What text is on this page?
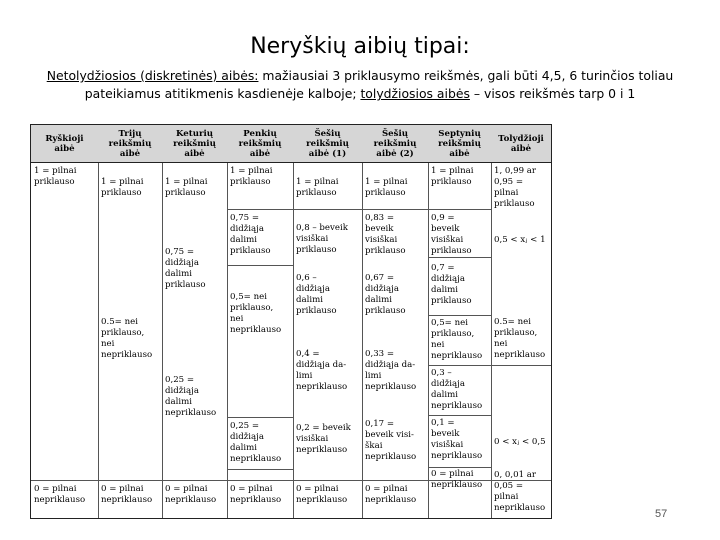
Neryškių aibių tipai:
Netolydžiosios (diskretinės) aibės: mažiausiai 3 priklausymo reikšmės, gali būti 4,5, 6 turinčios toliau pateikiamus atitikmenis kasdienėje kalboje; tolydžiosios aibės – visos reikšmės tarp 0 i 1
Ryškioji
aibė
Trijų
reikšmių
aibė
Keturių
reikšmių
aibė
Penkių
reikšmių
aibė
Šešių
reikšmių
aibė (1)
Šešių
reikšmių
aibė (2)
Septynių
reikšmių
aibė
Tolydžioji
aibė
1 = pilnai
priklauso
0 = pilnai
nepriklauso
1 = pilnai
priklauso
0.5= nei
priklauso,
nei
nepriklauso
0 = pilnai
nepriklauso
1 = pilnai
priklauso
0,75 =
didžiąja
dalimi
priklauso
0,25 =
didžiąja
dalimi
nepriklauso
0 = pilnai
nepriklauso
1 = pilnai
priklauso
0,75 =
didžiąja
dalimi
priklauso
0,5= nei
priklauso,
nei
nepriklauso
0,25 =
didžiąja
dalimi
nepriklauso
0 = pilnai
nepriklauso
1 = pilnai
priklauso
0,8 – beveik
visiškai
priklauso
0,6 –
didžiąja
dalimi
priklauso
0,4 =
didžiąja da-
limi
nepriklauso
0,2 = beveik
visiškai
nepriklauso
0 = pilnai
nepriklauso
1 = pilnai
priklauso
0,83 =
beveik
visiškai
priklauso
0,67 =
didžiąja
dalimi
priklauso
0,33 =
didžiąja da-
limi
nepriklauso
0,17 =
beveik visi-
škai
nepriklauso
0 = pilnai
nepriklauso
1 = pilnai
priklauso
0,9 =
beveik
visiškai
priklauso
0,7 =
didžiąja
dalimi
priklauso
0,5= nei
priklauso,
nei
nepriklauso
0,3 –
didžiąja
dalimi
nepriklauso
0,1 =
beveik
visiškai
nepriklauso
0 = pilnai
nepriklauso
1, 0,99 ar
0,95 =
pilnai
priklauso
0,5 < xⱼ < 1
0.5= nei
priklauso,
nei
nepriklauso
0 < xⱼ < 0,5
0, 0,01 ar
0,05 =
pilnai
nepriklauso	57
